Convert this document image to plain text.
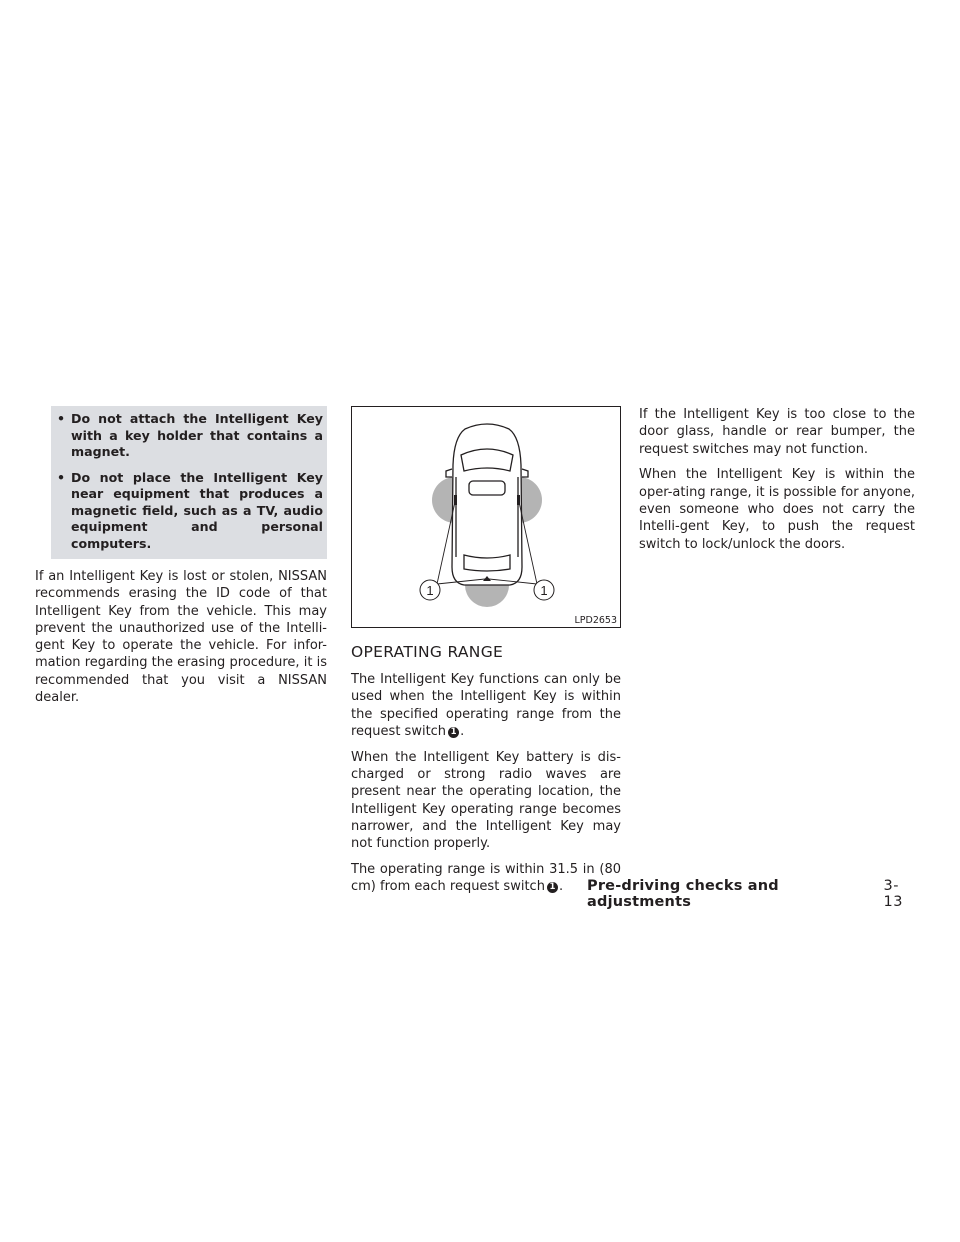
• Do not attach the Intelligent Key with a key holder that contains a magnet.
• Do not place the Intelligent Key near equipment that produces a magnetic field, such as a TV, audio equipment and personal computers.

If an Intelligent Key is lost or stolen, NISSAN recommends erasing the ID code of that Intelligent Key from the vehicle. This may prevent the unauthorized use of the Intelli-gent Key to operate the vehicle. For infor-mation regarding the erasing procedure, it is recommended that you visit a NISSAN dealer.

1	1
LPD2653
OPERATING RANGE

The Intelligent Key functions can only be used when the Intelligent Key is within the specified operating range from the request switch 1 .

When the Intelligent Key battery is dis-charged or strong radio waves are present near the operating location, the Intelligent Key operating range becomes narrower, and the Intelligent Key may not function properly.

The operating range is within 31.5 in (80 cm) from each request switch 1 .

If the Intelligent Key is too close to the door glass, handle or rear bumper, the request switches may not function.

When the Intelligent Key is within the oper-ating range, it is possible for anyone, even someone who does not carry the Intelli-gent Key, to push the request switch to lock/unlock the doors.

Pre-driving checks and adjustments
3-13
